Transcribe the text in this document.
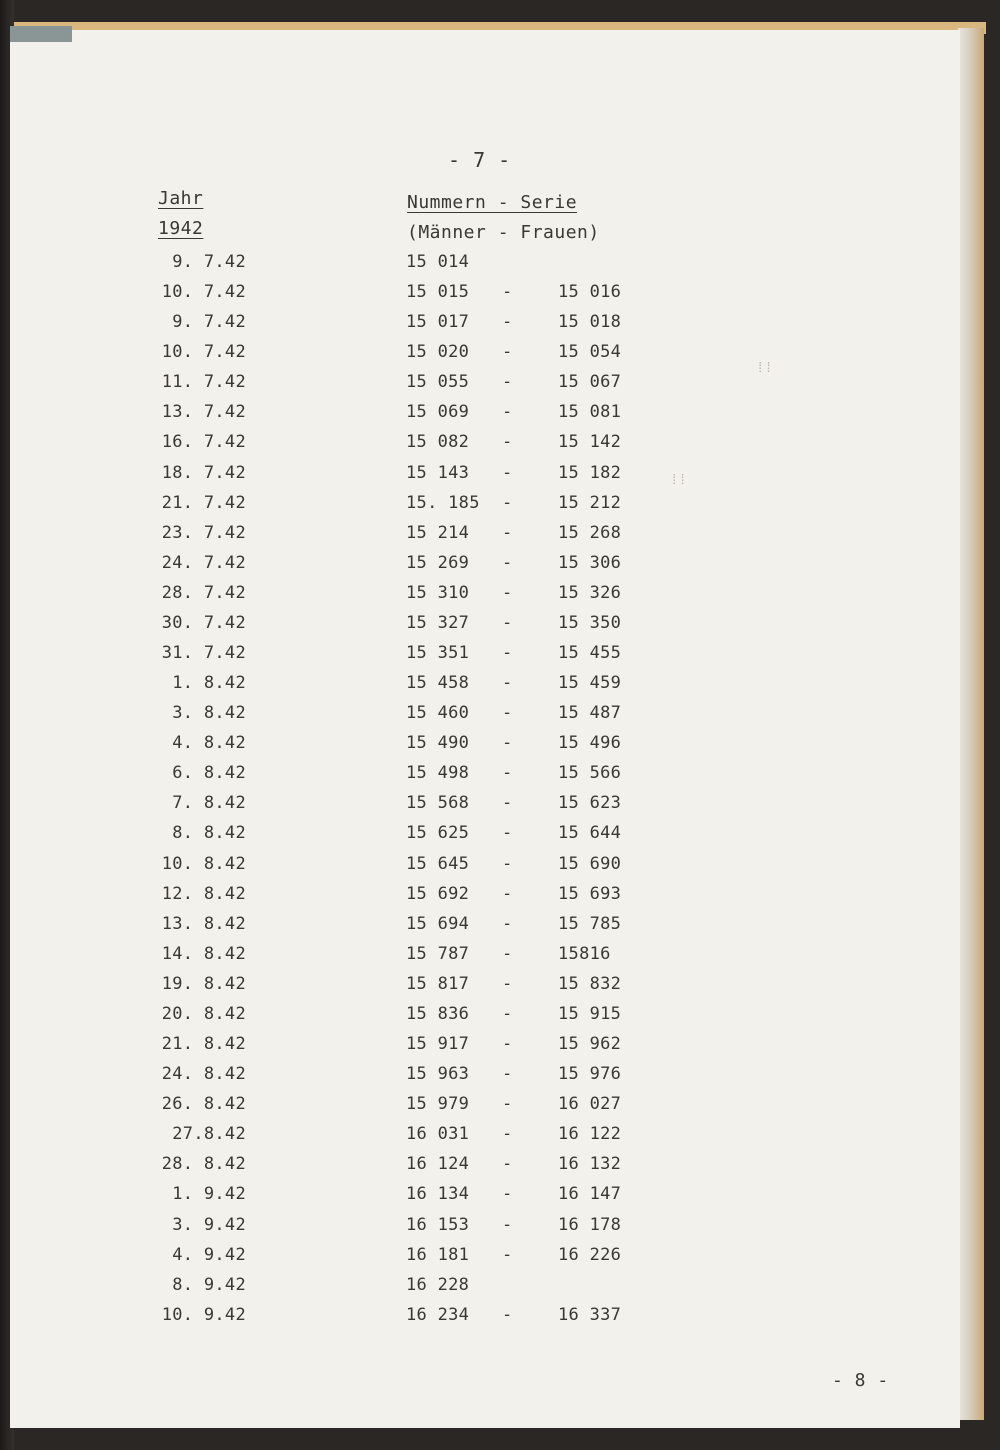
- 7 -
Jahr
1942
Nummern - Serie
(Männer - Frauen)
9. 7.42	15 014
10. 7.42	15 015 -	15 016
9. 7.42	15 017 -	15 018
10. 7.42	15 020 -	15 054
11. 7.42	15 055 -	15 067
13. 7.42	15 069 -	15 081
16. 7.42	15 082 -	15 142
18. 7.42	15 143 -	15 182
21. 7.42	15. 185 -	15 212
23. 7.42	15 214 -	15 268
24. 7.42	15 269 -	15 306
28. 7.42	15 310 -	15 326
30. 7.42	15 327 -	15 350
31. 7.42	15 351 -	15 455
1. 8.42	15 458 -	15 459
3. 8.42	15 460 -	15 487
4. 8.42	15 490 -	15 496
6. 8.42	15 498 -	15 566
7. 8.42	15 568 -	15 623
8. 8.42	15 625 -	15 644
10. 8.42	15 645 -	15 690
12. 8.42	15 692 -	15 693
13. 8.42	15 694 -	15 785
14. 8.42	15 787 -	15816
19. 8.42	15 817 -	15 832
20. 8.42	15 836 -	15 915
21. 8.42	15 917 -	15 962
24. 8.42	15 963 -	15 976
26. 8.42	15 979 -	16 027
27.8.42	16 031 -	16 122
28. 8.42	16 124 -	16 132
1. 9.42	16 134 -	16 147
3. 9.42	16 153 -	16 178
4. 9.42	16 181 -	16 226
8. 9.42	16 228
10. 9.42	16 234 -	16 337
⁞⁞
⁞⁞
- 8 -
